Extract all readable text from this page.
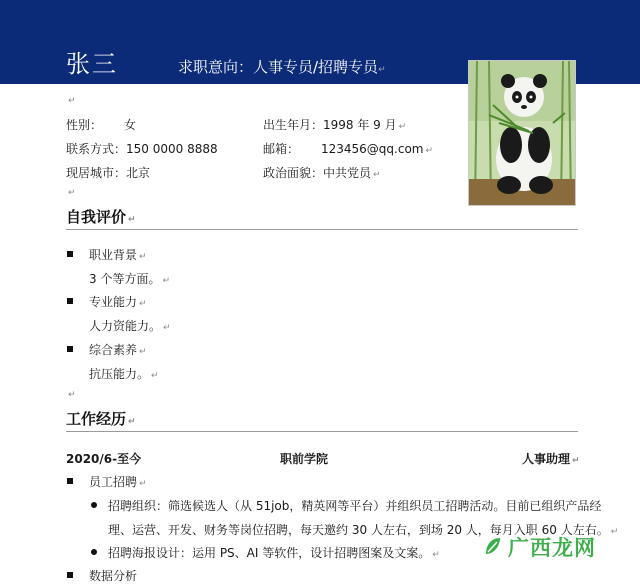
张三	求职意向：人事专员/招聘专员↵
↵
性别： 女	出生年月：1998 年 9 月 ↵
联系方式：150 0000 8888	邮箱： 123456@qq.com ↵
现居城市：北京	政治面貌：中共党员 ↵
↵
自我评价 ↵
职业背景 ↵
3 个等方面。 ↵
专业能力 ↵
人力资能力。 ↵
综合素养 ↵
抗压能力。 ↵
↵
工作经历 ↵
2020/6-至今	职前学院	人事助理 ↵
员工招聘 ↵
招聘组织：筛选候选人（从 51job，精英网等平台）并组织员工招聘活动。目前已组织产品经
理、运营、开发、财务等岗位招聘，每天邀约 30 人左右，到场 20 人，每月入职 60 人左右。 ↵
招聘海报设计：运用 PS、AI 等软件，设计招聘图案及文案。 ↵
数据分析
广西龙网
